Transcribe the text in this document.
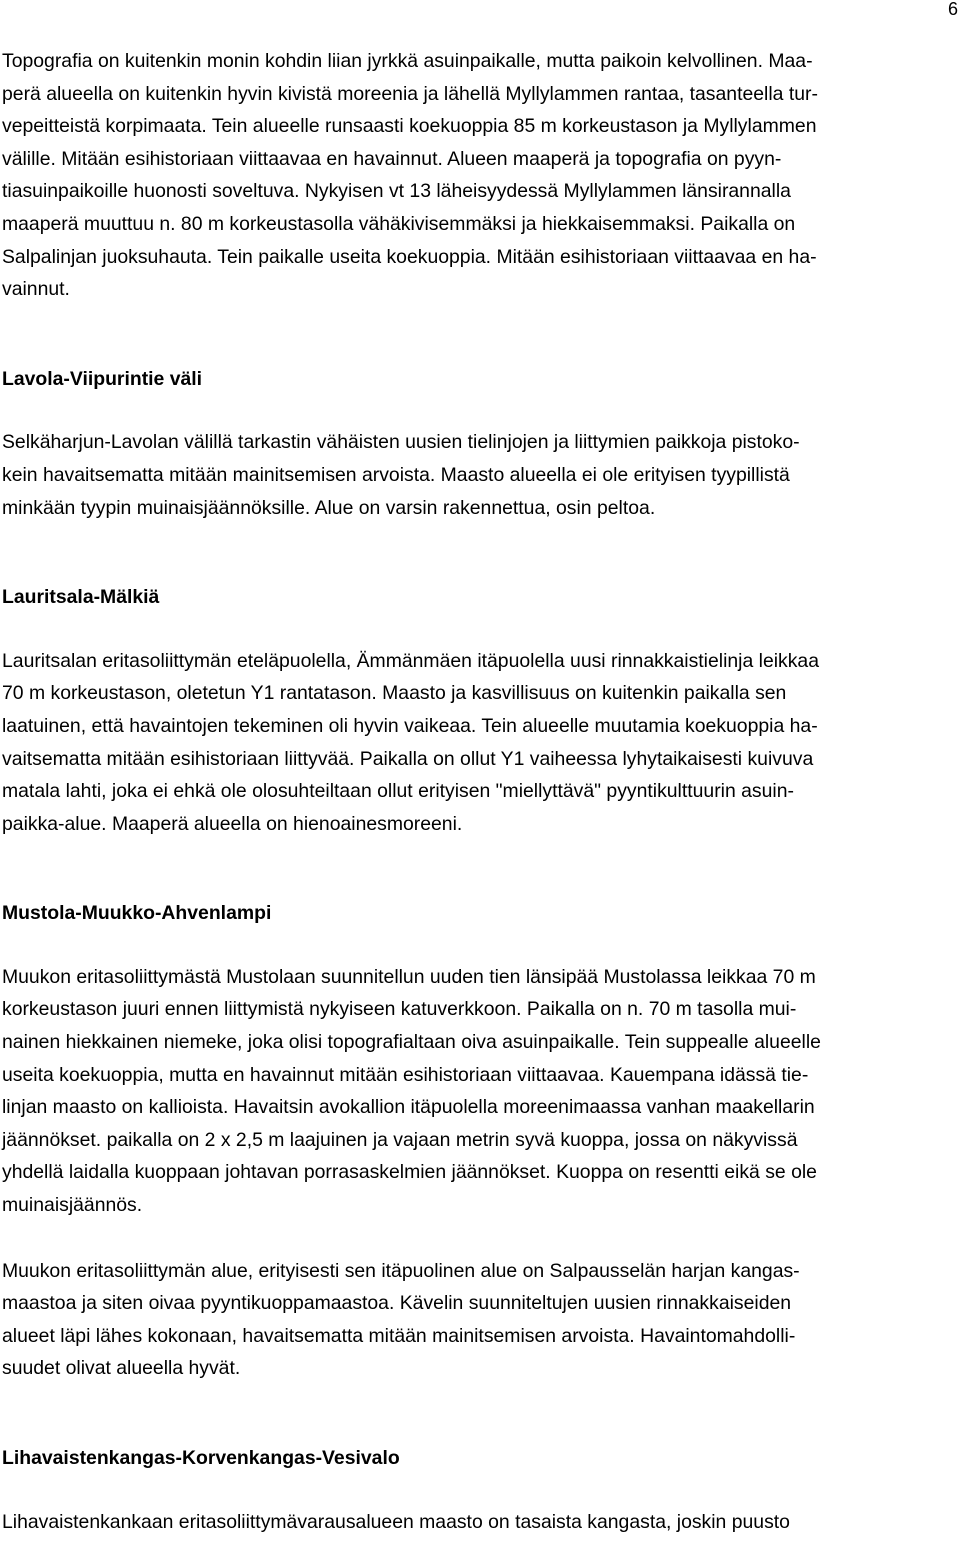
6
Topografia on kuitenkin monin kohdin liian jyrkkä asuinpaikalle, mutta paikoin kelvollinen. Maa-
perä alueella on kuitenkin hyvin kivistä moreenia ja lähellä Myllylammen rantaa, tasanteella tur-
vepeitteistä korpimaata. Tein alueelle runsaasti koekuoppia 85 m korkeustason ja Myllylammen
välille. Mitään esihistoriaan viittaavaa en havainnut. Alueen maaperä ja topografia on pyyn-
tiasuinpaikoille huonosti soveltuva. Nykyisen vt 13 läheisyydessä Myllylammen länsirannalla
maaperä muuttuu n. 80 m korkeustasolla vähäkivisemmäksi ja hiekkaisemmaksi. Paikalla on
Salpalinjan juoksuhauta. Tein paikalle useita koekuoppia. Mitään esihistoriaan viittaavaa en ha-
vainnut.
Lavola-Viipurintie väli
Selkäharjun-Lavolan välillä tarkastin vähäisten uusien tielinjojen ja liittymien paikkoja pistoko-
kein havaitsematta mitään mainitsemisen arvoista. Maasto alueella ei ole erityisen tyypillistä
minkään tyypin muinaisjäännöksille. Alue on varsin rakennettua, osin peltoa.
Lauritsala-Mälkiä
Lauritsalan eritasoliittymän eteläpuolella, Ämmänmäen itäpuolella uusi rinnakkaistielinja leikkaa
70 m korkeustason, oletetun Y1 rantatason. Maasto ja kasvillisuus on kuitenkin paikalla sen
laatuinen, että havaintojen tekeminen oli hyvin vaikeaa. Tein alueelle muutamia koekuoppia ha-
vaitsematta mitään esihistoriaan liittyvää. Paikalla on ollut Y1 vaiheessa lyhytaikaisesti kuivuva
matala lahti, joka ei ehkä ole olosuhteiltaan ollut erityisen "miellyttävä" pyyntikulttuurin asuin-
paikka-alue. Maaperä alueella on hienoainesmoreeni.
Mustola-Muukko-Ahvenlampi
Muukon eritasoliittymästä Mustolaan suunnitellun uuden tien länsipää Mustolassa leikkaa 70 m
korkeustason juuri ennen liittymistä nykyiseen katuverkkoon. Paikalla on n. 70 m tasolla mui-
nainen hiekkainen niemeke, joka olisi topografialtaan oiva asuinpaikalle. Tein suppealle alueelle
useita koekuoppia, mutta en havainnut mitään esihistoriaan viittaavaa. Kauempana idässä tie-
linjan maasto on kallioista. Havaitsin avokallion itäpuolella moreenimaassa vanhan maakellarin
jäännökset. paikalla on 2 x 2,5 m laajuinen ja vajaan metrin syvä kuoppa, jossa on näkyvissä
yhdellä laidalla kuoppaan johtavan porrasaskelmien jäännökset. Kuoppa on resentti eikä se ole
muinaisjäännös.
Muukon eritasoliittymän alue, erityisesti sen itäpuolinen alue on Salpausselän harjan kangas-
maastoa ja siten oivaa pyyntikuoppamaastoa. Kävelin suunniteltujen uusien rinnakkaiseiden
alueet läpi lähes kokonaan, havaitsematta mitään mainitsemisen arvoista. Havaintomahdolli-
suudet olivat alueella hyvät.
Lihavaistenkangas-Korvenkangas-Vesivalo
Lihavaistenkankaan eritasoliittymävarausalueen maasto on tasaista kangasta, joskin puusto
